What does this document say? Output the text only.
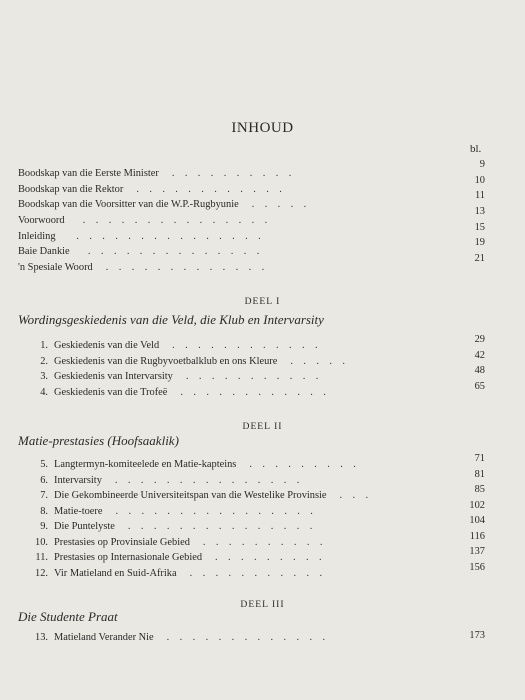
INHOUD
bl.
Boodskap van die Eerste Minister     .    .    .    .    .    .    .    .    .    .
9
Boodskap van die Rektor     .    .    .    .    .    .    .    .    .    .    .    .
10
Boodskap van die Voorsitter van die W.P.-Rugbyunie     .    .    .    .    .
11
Voorwoord       .    .    .    .    .    .    .    .    .    .    .    .    .    .    .
13
Inleiding        .    .    .    .    .    .    .    .    .    .    .    .    .    .    .
15
Baie Dankie       .    .    .    .    .    .    .    .    .    .    .    .    .    .
19
'n Spesiale Woord     .    .    .    .    .    .    .    .    .    .    .    .    .
21
DEEL I
Wordingsgeskiedenis van die Veld, die Klub en Intervarsity
1. Geskiedenis van die Veld     .    .    .    .    .    .    .    .    .    .    .    .
29
2. Geskiedenis van die Rugbyvoetbalklub en ons Kleure     .    .    .    .    .
42
3. Geskiedenis van Intervarsity     .    .    .    .    .    .    .    .    .    .    .
48
4. Geskiedenis van die Trofeë     .    .    .    .    .    .    .    .    .    .    .    .
65
DEEL II
Matie-prestasies (Hoofsaaklik)
5. Langtermyn-komiteelede en Matie-kapteins     .    .    .    .    .    .    .    .    .
71
6. Intervarsity     .    .    .    .    .    .    .    .    .    .    .    .    .    .    .
81
7. Die Gekombineerde Universiteitspan van die Westelike Provinsie     .    .    .
85
8. Matie-toere     .    .    .    .    .    .    .    .    .    .    .    .    .    .    .    .
102
9. Die Puntelyste     .    .    .    .    .    .    .    .    .    .    .    .    .    .    .
104
10. Prestasies op Provinsiale Gebied     .    .    .    .    .    .    .    .    .    .
116
11. Prestasies op Internasionale Gebied     .    .    .    .    .    .    .    .    .
137
12. Vir Matieland en Suid-Afrika     .    .    .    .    .    .    .    .    .    .    .
156
DEEL III
Die Studente Praat
13. Matieland Verander Nie     .    .    .    .    .    .    .    .    .    .    .    .    .	173
